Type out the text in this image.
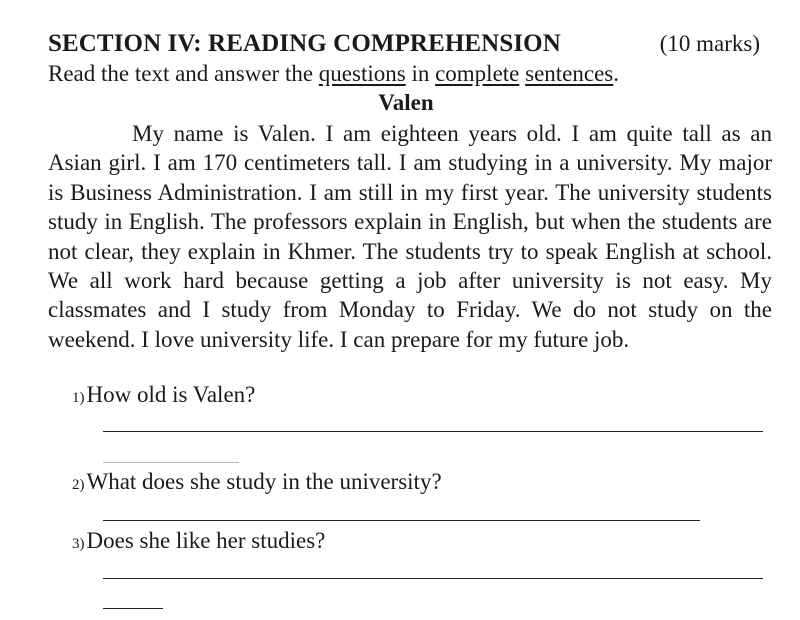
SECTION IV: READING COMPREHENSION	(10 marks)
Read the text and answer the questions in complete sentences.
Valen

My name is Valen. I am eighteen years old. I am quite tall as an Asian girl. I am 170 centimeters tall. I am studying in a university. My major is Business Administration. I am still in my first year. The university students study in English. The professors explain in English, but when the students are not clear, they explain in Khmer. The students try to speak English at school. We all work hard because getting a job after university is not easy. My classmates and I study from Monday to Friday. We do not study on the weekend. I love university life. I can prepare for my future job.

1)How old is Valen?
2)What does she study in the university?
3)Does she like her studies?
